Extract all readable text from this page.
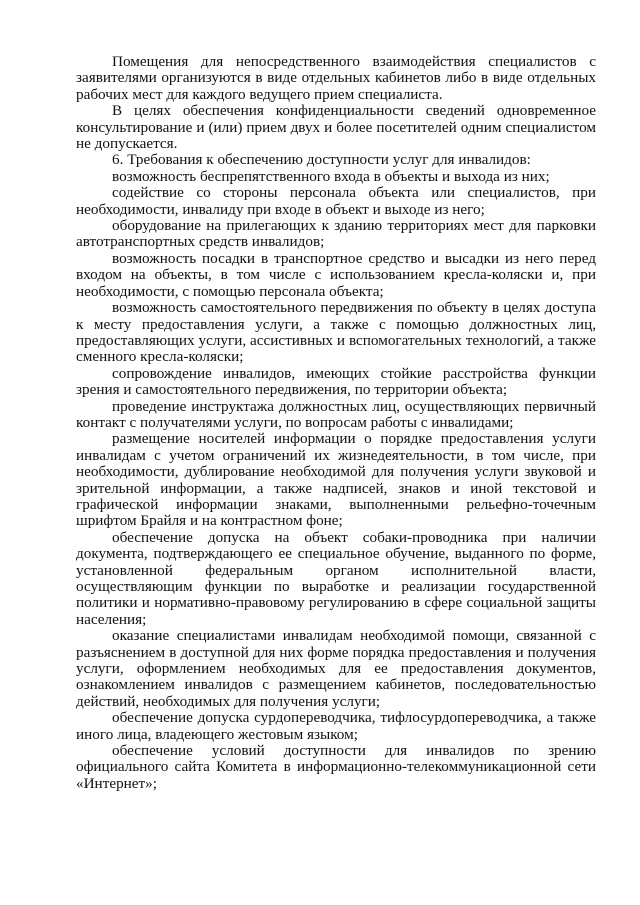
Помещения для непосредственного взаимодействия специалистов с заявителями организуются в виде отдельных кабинетов либо в виде отдельных рабочих мест для каждого ведущего прием специалиста.

В целях обеспечения конфиденциальности сведений одновременное консультирование и (или) прием двух и более посетителей одним специалистом не допускается.

6. Требования к обеспечению доступности услуг для инвалидов:

возможность беспрепятственного входа в объекты и выхода из них;

содействие со стороны персонала объекта или специалистов, при необходимости, инвалиду при входе в объект и выходе из него;

оборудование на прилегающих к зданию территориях мест для парковки автотранспортных средств инвалидов;

возможность посадки в транспортное средство и высадки из него перед входом на объекты, в том числе с использованием кресла-коляски и, при необходимости, с помощью персонала объекта;

возможность самостоятельного передвижения по объекту в целях доступа к месту предоставления услуги, а также с помощью должностных лиц, предоставляющих услуги, ассистивных и вспомогательных технологий, а также сменного кресла-коляски;

сопровождение инвалидов, имеющих стойкие расстройства функции зрения и самостоятельного передвижения, по территории объекта;

проведение инструктажа должностных лиц, осуществляющих первичный контакт с получателями услуги, по вопросам работы с инвалидами;

размещение носителей информации о порядке предоставления услуги инвалидам с учетом ограничений их жизнедеятельности, в том числе, при необходимости, дублирование необходимой для получения услуги звуковой и зрительной информации, а также надписей, знаков и иной текстовой и графической информации знаками, выполненными рельефно-точечным шрифтом Брайля и на контрастном фоне;

обеспечение допуска на объект собаки-проводника при наличии документа, подтверждающего ее специальное обучение, выданного по форме, установленной федеральным органом исполнительной власти, осуществляющим функции по выработке и реализации государственной политики и нормативно-правовому регулированию в сфере социальной защиты населения;

оказание специалистами инвалидам необходимой помощи, связанной с разъяснением в доступной для них форме порядка предоставления и получения услуги, оформлением необходимых для ее предоставления документов, ознакомлением инвалидов с размещением кабинетов, последовательностью действий, необходимых для получения услуги;

обеспечение допуска сурдопереводчика, тифлосурдопереводчика, а также иного лица, владеющего жестовым языком;

обеспечение условий доступности для инвалидов по зрению официального сайта Комитета в информационно-телекоммуникационной сети «Интернет»;
